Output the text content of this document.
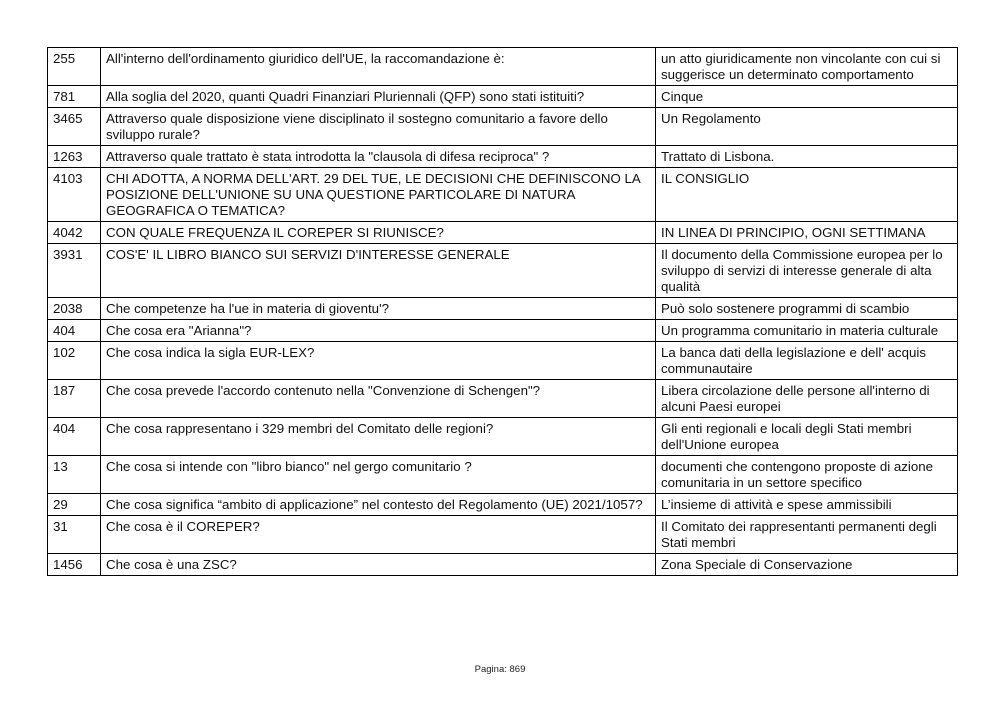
255	All'interno dell'ordinamento giuridico dell'UE, la raccomandazione è:	un atto giuridicamente non vincolante con cui si suggerisce un determinato comportamento
781	Alla soglia del 2020, quanti Quadri Finanziari Pluriennali (QFP) sono stati istituiti?	Cinque
3465	Attraverso quale disposizione viene disciplinato il sostegno comunitario a favore dello sviluppo rurale?	Un Regolamento
1263	Attraverso quale trattato è stata introdotta la "clausola di difesa reciproca" ?	Trattato di Lisbona.
4103	CHI ADOTTA, A NORMA DELL'ART. 29 DEL TUE, LE DECISIONI CHE DEFINISCONO LA POSIZIONE DELL'UNIONE SU UNA QUESTIONE PARTICOLARE DI NATURA GEOGRAFICA O TEMATICA?	IL CONSIGLIO
4042	CON QUALE FREQUENZA IL COREPER SI RIUNISCE?	IN LINEA DI PRINCIPIO, OGNI SETTIMANA
3931	COS'E' IL LIBRO BIANCO SUI SERVIZI D'INTERESSE GENERALE	Il documento della Commissione europea per lo sviluppo di servizi di interesse generale di alta qualità
2038	Che competenze ha l'ue in materia di gioventu'?	Può solo sostenere programmi di scambio
404	Che cosa era "Arianna"?	Un programma comunitario in materia culturale
102	Che cosa indica la sigla EUR-LEX?	La banca dati della legislazione e dell' acquis communautaire
187	Che cosa prevede l'accordo contenuto nella "Convenzione di Schengen"?	Libera circolazione delle persone all'interno di alcuni Paesi europei
404	Che cosa rappresentano i 329 membri del Comitato delle regioni?	Gli enti regionali e locali degli Stati membri dell'Unione europea
13	Che cosa si intende con "libro bianco" nel gergo comunitario ?	documenti che contengono proposte di azione comunitaria in un settore specifico
29	Che cosa significa “ambito di applicazione” nel contesto del Regolamento (UE) 2021/1057?	L’insieme di attività e spese ammissibili
31	Che cosa è il COREPER?	Il Comitato dei rappresentanti permanenti degli Stati membri
1456	Che cosa è una ZSC?	Zona Speciale di Conservazione
Pagina: 869
